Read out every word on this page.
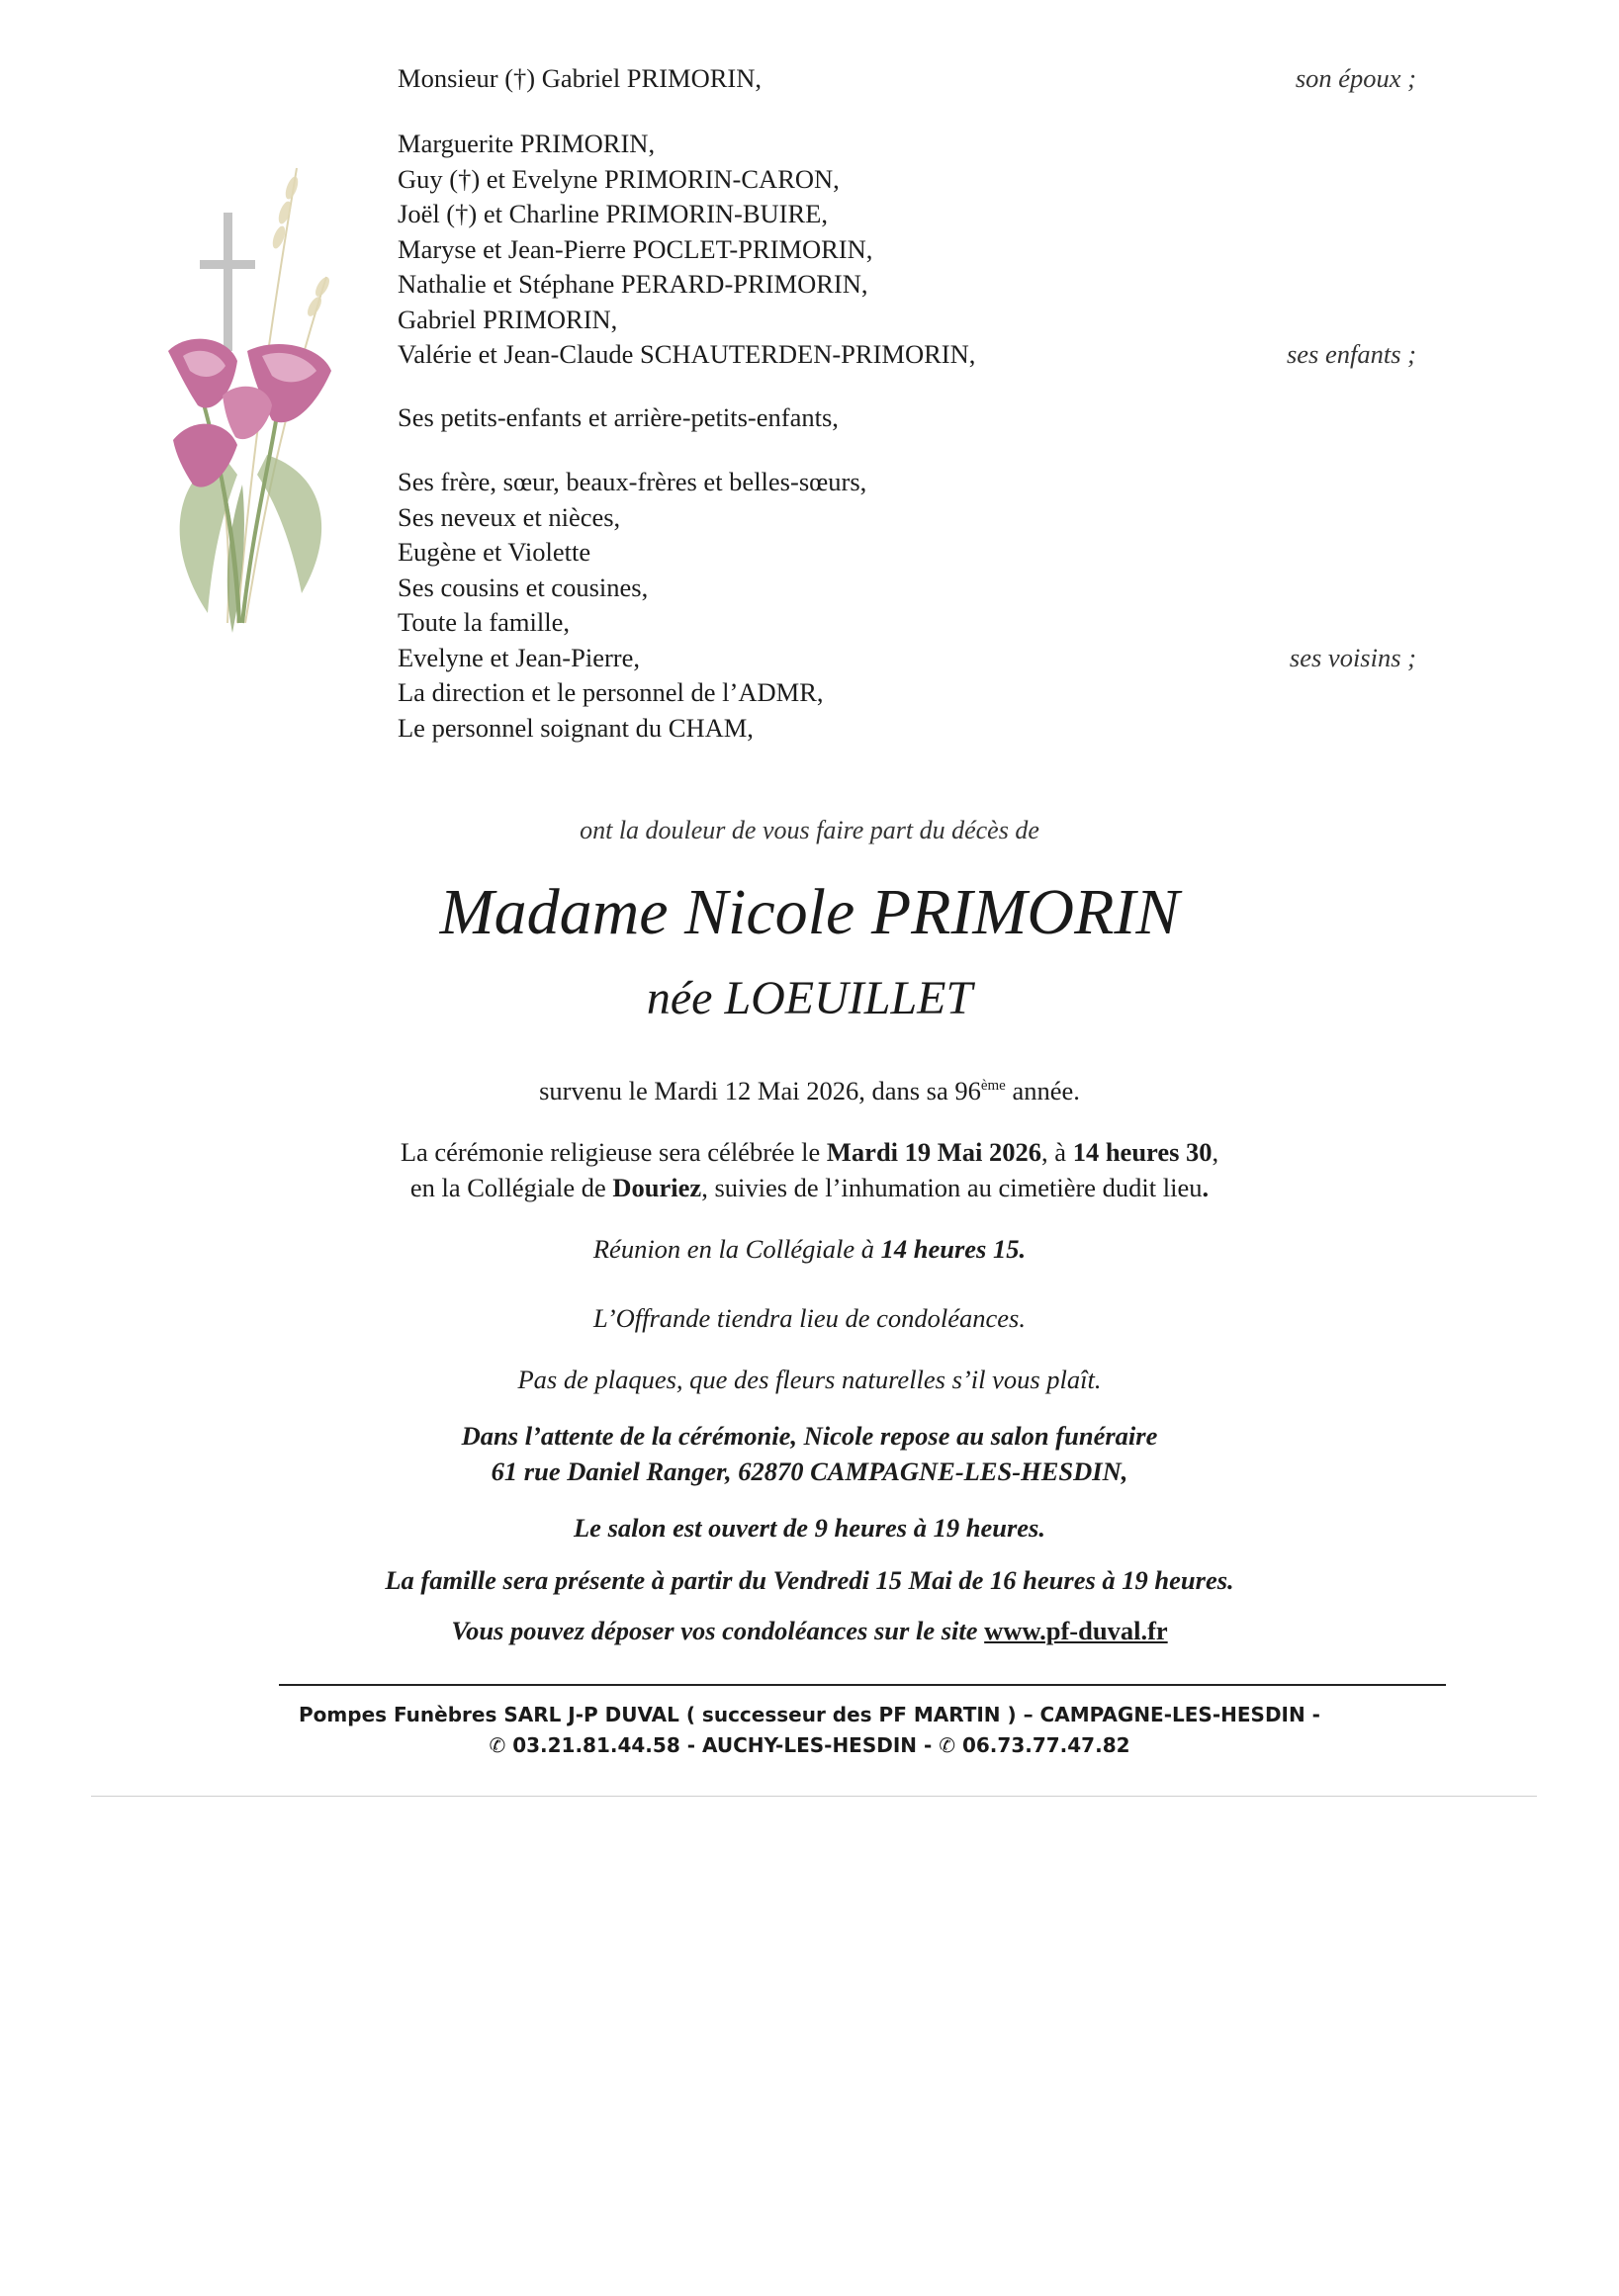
Monsieur (†) Gabriel PRIMORIN,	son époux ;
Marguerite PRIMORIN,
Guy (†) et Evelyne PRIMORIN-CARON,
Joël (†) et Charline PRIMORIN-BUIRE,
Maryse et Jean-Pierre POCLET-PRIMORIN,
Nathalie et Stéphane PERARD-PRIMORIN,
Gabriel PRIMORIN,
Valérie et Jean-Claude SCHAUTERDEN-PRIMORIN,	ses enfants ;
Ses petits-enfants et arrière-petits-enfants,
Ses frère, sœur, beaux-frères et belles-sœurs,
Ses neveux et nièces,
Eugène et Violette
Ses cousins et cousines,
Toute la famille,
Evelyne et Jean-Pierre,	ses voisins ;
La direction et le personnel de l’ADMR,
Le personnel soignant du CHAM,
ont la douleur de vous faire part du décès de
Madame Nicole PRIMORIN
née LOEUILLET
survenu le Mardi 12 Mai 2026, dans sa 96ème année.
La cérémonie religieuse sera célébrée le Mardi 19 Mai 2026, à 14 heures 30,
en la Collégiale de Douriez, suivies de l’inhumation au cimetière dudit lieu.
Réunion en la Collégiale à 14 heures 15.
L’Offrande tiendra lieu de condoléances.
Pas de plaques, que des fleurs naturelles s’il vous plaît.
Dans l’attente de la cérémonie, Nicole repose au salon funéraire
61 rue Daniel Ranger, 62870 CAMPAGNE-LES-HESDIN,
Le salon est ouvert de 9 heures à 19 heures.
La famille sera présente à partir du Vendredi 15 Mai de 16 heures à 19 heures.
Vous pouvez déposer vos condoléances sur le site www.pf-duval.fr
Pompes Funèbres SARL J-P DUVAL ( successeur des PF MARTIN ) – CAMPAGNE-LES-HESDIN -
✆ 03.21.81.44.58 - AUCHY-LES-HESDIN - ✆ 06.73.77.47.82
